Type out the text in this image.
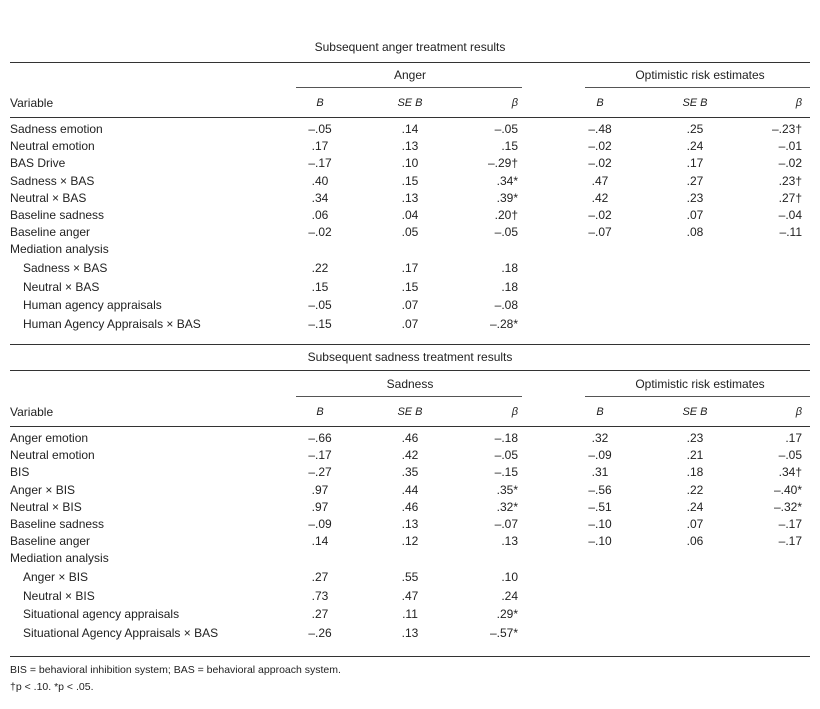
Subsequent anger treatment results
Anger	Optimistic risk estimates
Variable	B	SE B	β	B	SE B	β
Sadness emotion	–.05	.14	–.05	–.48	.25	–.23†
Neutral emotion	.17	.13	.15	–.02	.24	–.01
BAS Drive	–.17	.10	–.29†	–.02	.17	–.02
Sadness × BAS	.40	.15	.34*	.47	.27	.23†
Neutral × BAS	.34	.13	.39*	.42	.23	.27†
Baseline sadness	.06	.04	.20†	–.02	.07	–.04
Baseline anger	–.02	.05	–.05	–.07	.08	–.11
Mediation analysis
Sadness × BAS	.22	.17	.18
Neutral × BAS	.15	.15	.18
Human agency appraisals	–.05	.07	–.08
Human Agency Appraisals × BAS	–.15	.07	–.28*
Subsequent sadness treatment results
Sadness	Optimistic risk estimates
Variable	B	SE B	β	B	SE B	β
Anger emotion	–.66	.46	–.18	.32	.23	.17
Neutral emotion	–.17	.42	–.05	–.09	.21	–.05
BIS	–.27	.35	–.15	.31	.18	.34†
Anger × BIS	.97	.44	.35*	–.56	.22	–.40*
Neutral × BIS	.97	.46	.32*	–.51	.24	–.32*
Baseline sadness	–.09	.13	–.07	–.10	.07	–.17
Baseline anger	.14	.12	.13	–.10	.06	–.17
Mediation analysis
Anger × BIS	.27	.55	.10
Neutral × BIS	.73	.47	.24
Situational agency appraisals	.27	.11	.29*
Situational Agency Appraisals × BAS	–.26	.13	–.57*
BIS = behavioral inhibition system; BAS = behavioral approach system.
†p < .10. *p < .05.
